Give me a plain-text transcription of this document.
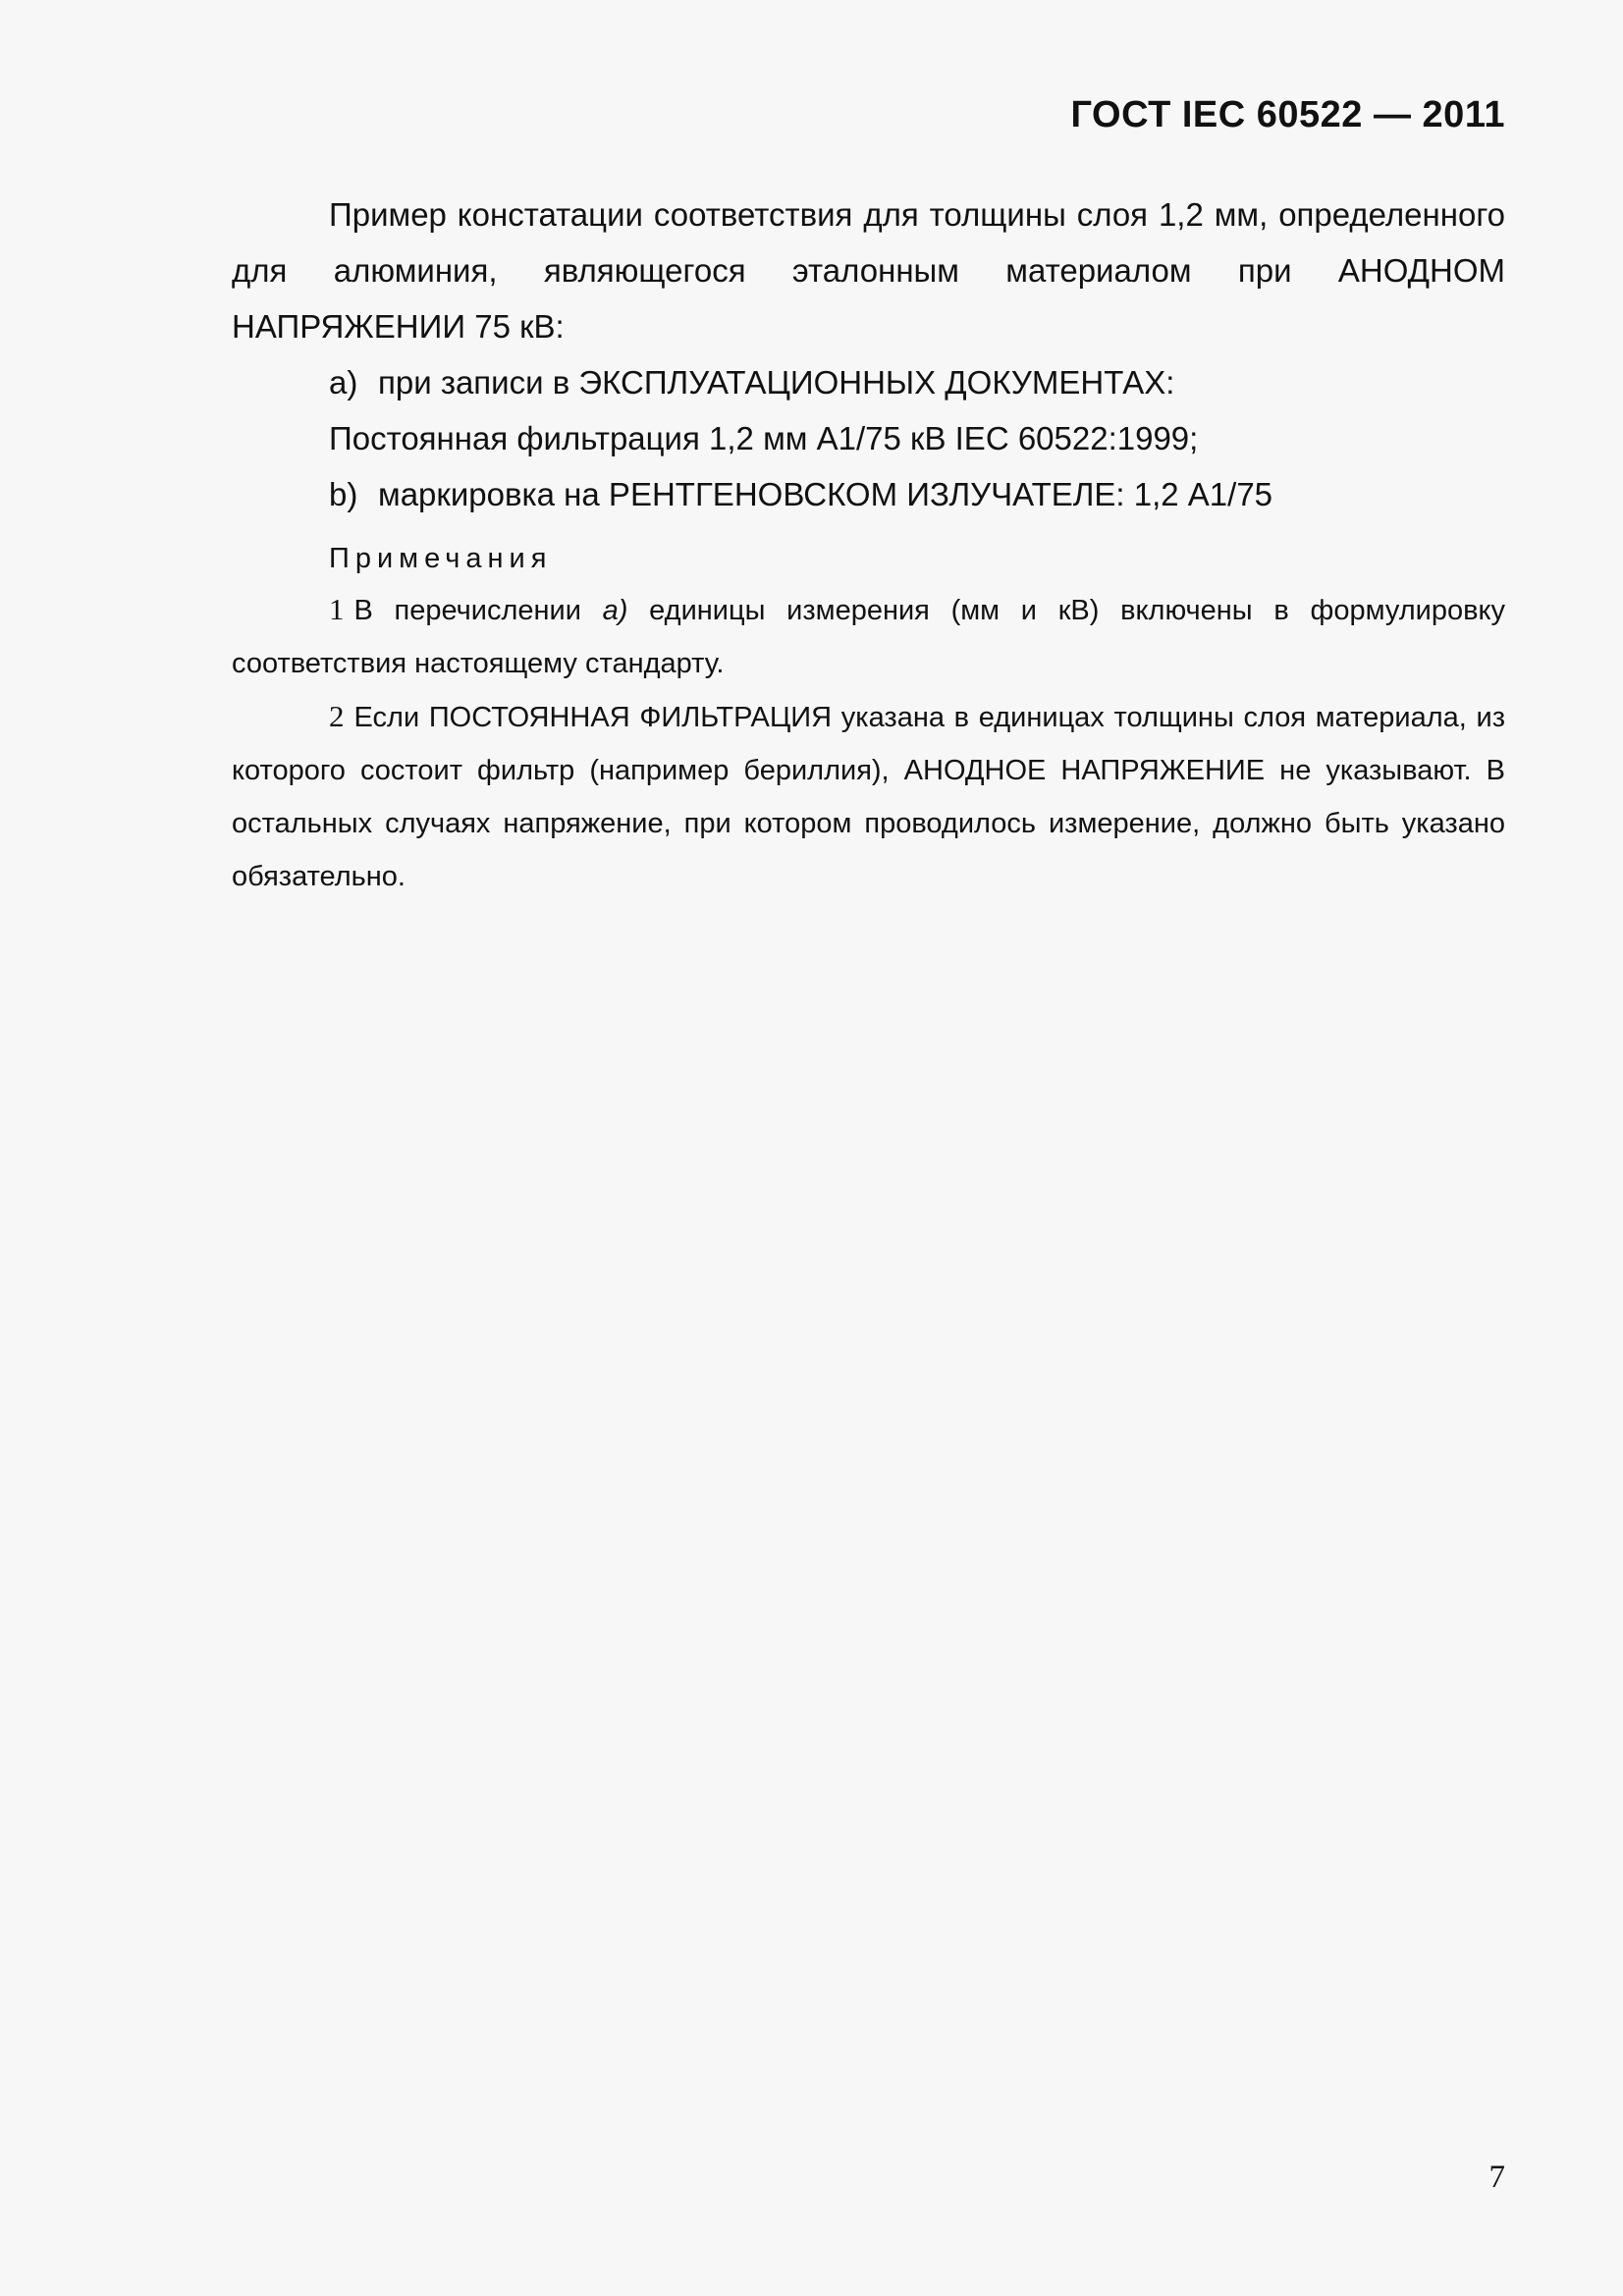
ГОСТ IEC 60522 — 2011

Пример констатации соответствия для толщины слоя 1,2 мм, определенного для алюминия, являющегося эталонным материалом при АНОДНОМ НАПРЯЖЕНИИ 75 кВ:

a) при записи в ЭКСПЛУАТАЦИОННЫХ ДОКУМЕНТАХ:

Постоянная фильтрация 1,2 мм А1/75 кВ IEC 60522:1999;

b) маркировка на РЕНТГЕНОВСКОМ ИЗЛУЧАТЕЛЕ: 1,2 А1/75

Примечания

1 В перечислении а) единицы измерения (мм и кВ) включены в формулировку соответствия настоящему стандарту.

2 Если ПОСТОЯННАЯ ФИЛЬТРАЦИЯ указана в единицах толщины слоя материала, из которого состоит фильтр (например бериллия), АНОДНОЕ НАПРЯЖЕНИЕ не указывают. В остальных случаях напряжение, при котором проводилось измерение, должно быть указано обязательно.

7
